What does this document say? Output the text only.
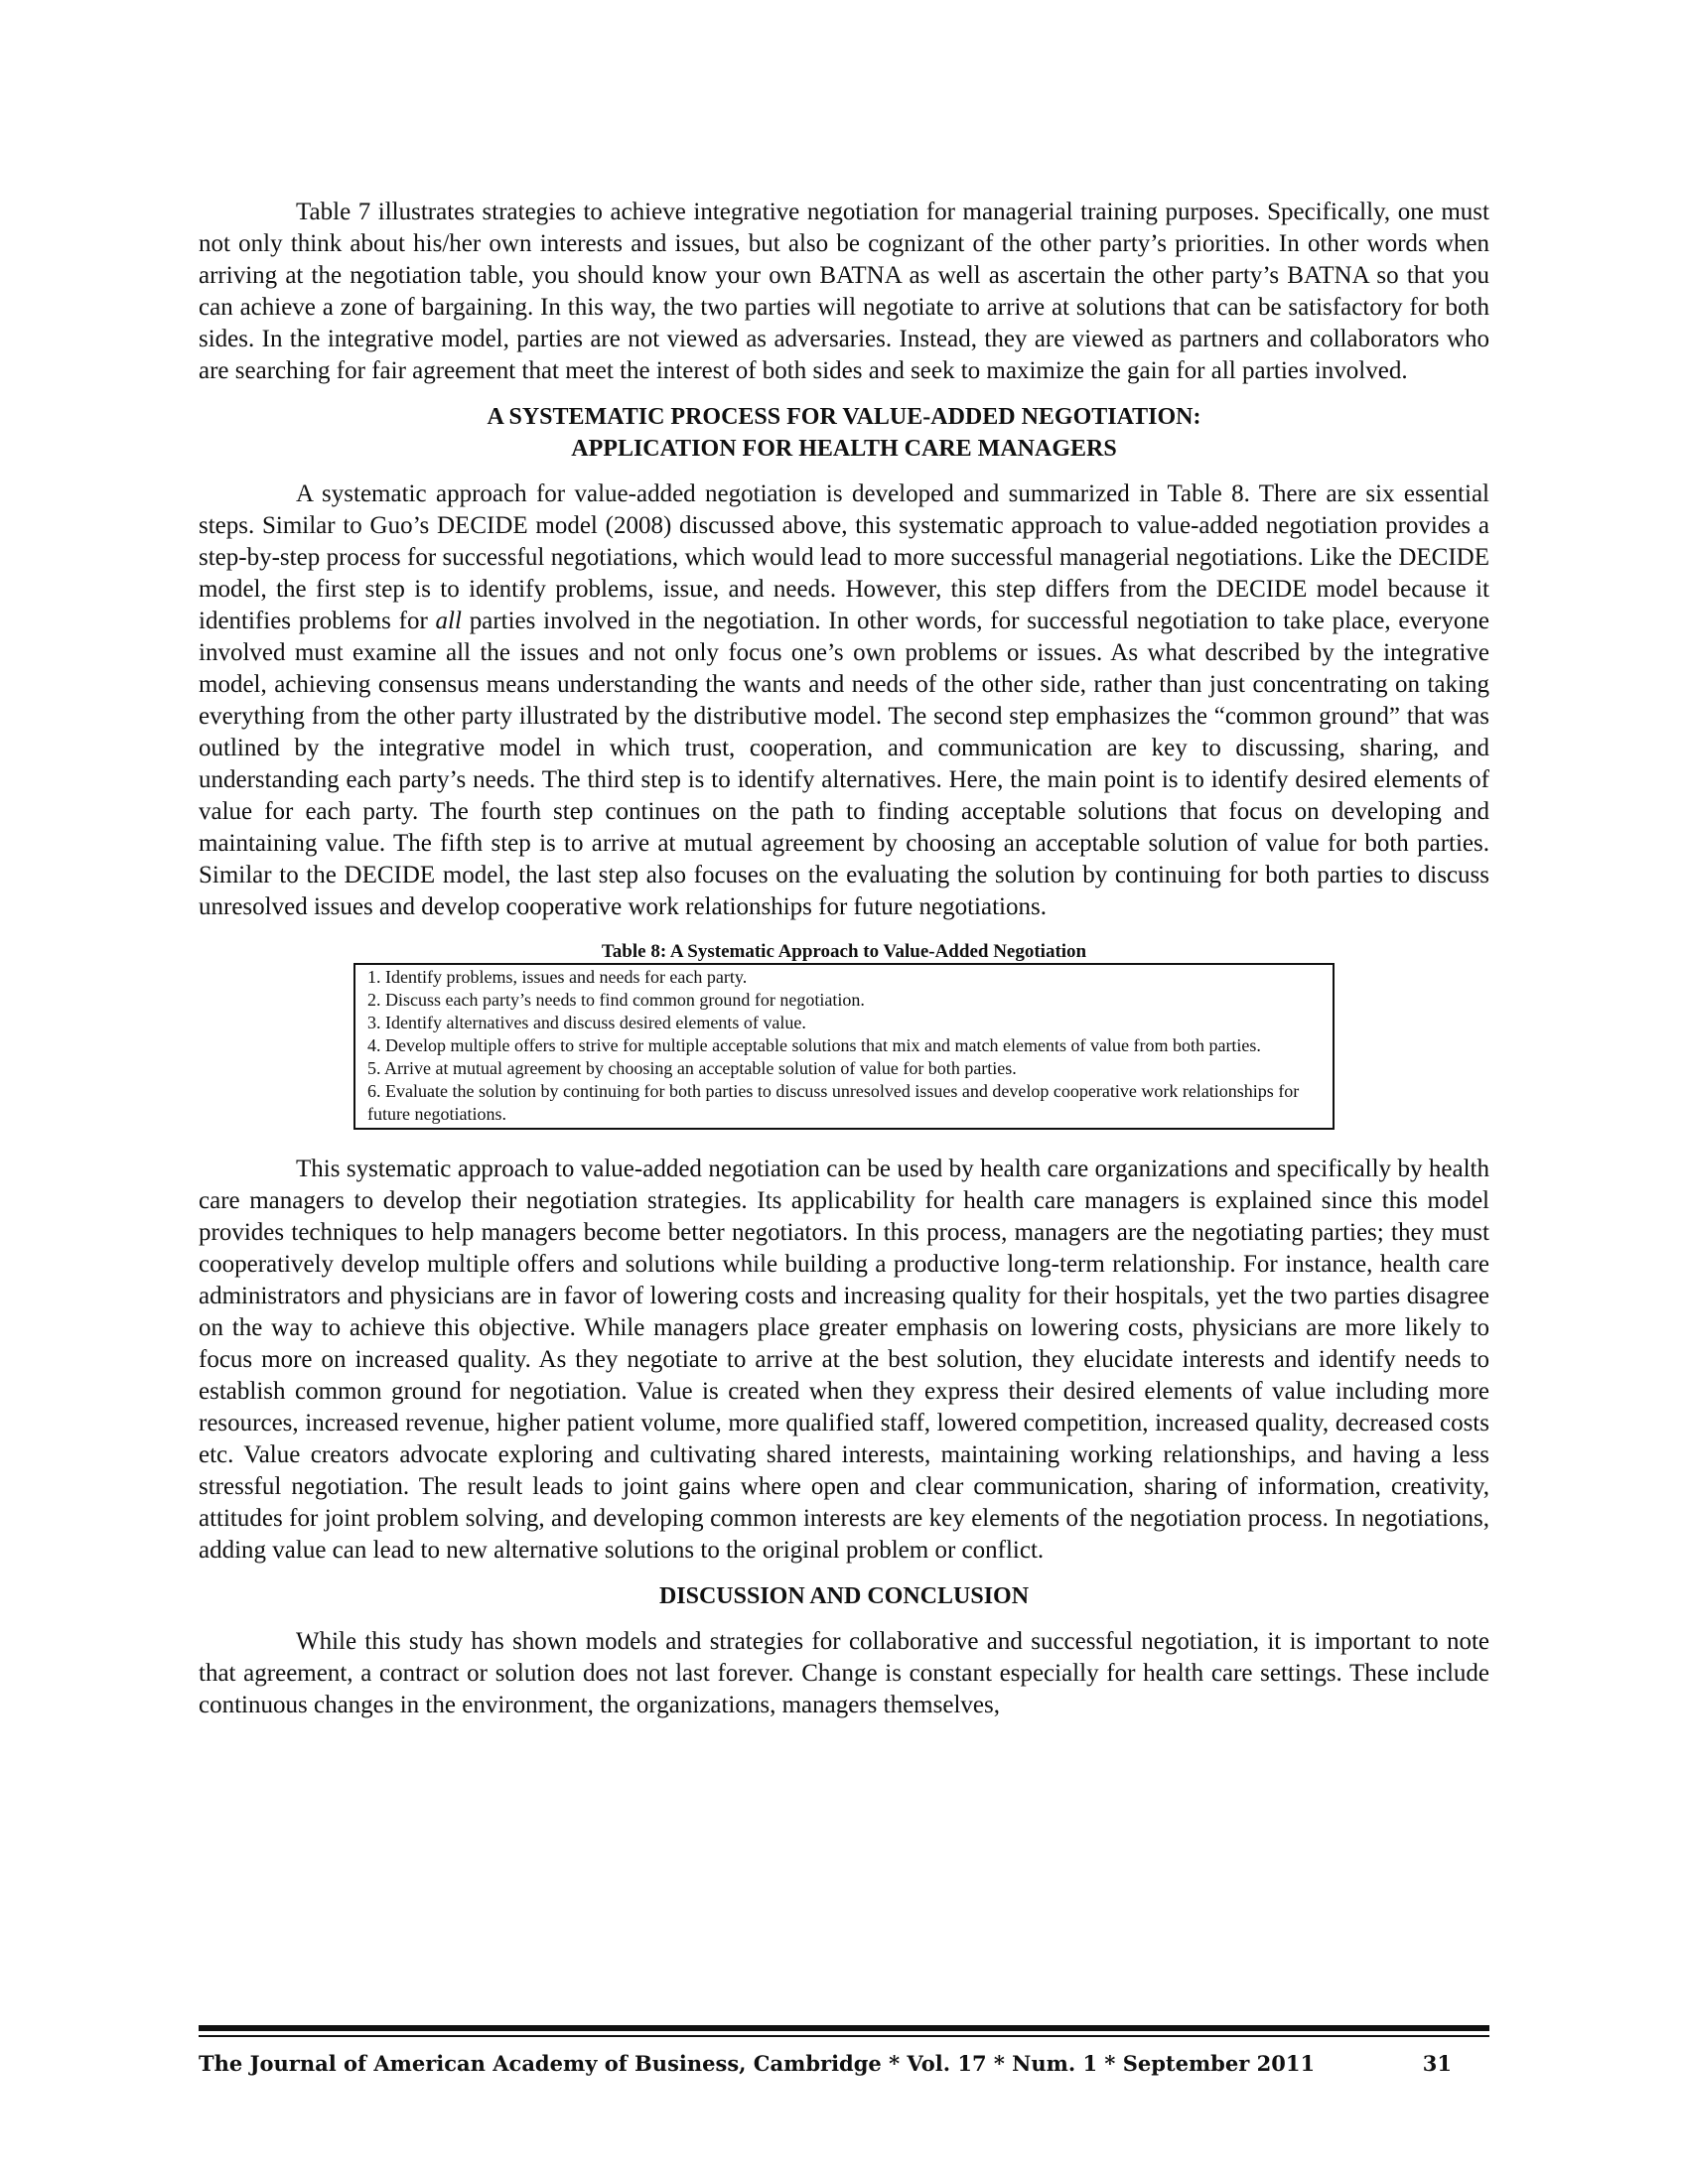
Table 7 illustrates strategies to achieve integrative negotiation for managerial training purposes. Specifically, one must not only think about his/her own interests and issues, but also be cognizant of the other party’s priorities. In other words when arriving at the negotiation table, you should know your own BATNA as well as ascertain the other party’s BATNA so that you can achieve a zone of bargaining. In this way, the two parties will negotiate to arrive at solutions that can be satisfactory for both sides. In the integrative model, parties are not viewed as adversaries. Instead, they are viewed as partners and collaborators who are searching for fair agreement that meet the interest of both sides and seek to maximize the gain for all parties involved.

A SYSTEMATIC PROCESS FOR VALUE-ADDED NEGOTIATION:
APPLICATION FOR HEALTH CARE MANAGERS

A systematic approach for value-added negotiation is developed and summarized in Table 8. There are six essential steps. Similar to Guo’s DECIDE model (2008) discussed above, this systematic approach to value-added negotiation provides a step-by-step process for successful negotiations, which would lead to more successful managerial negotiations. Like the DECIDE model, the first step is to identify problems, issue, and needs. However, this step differs from the DECIDE model because it identifies problems for all parties involved in the negotiation. In other words, for successful negotiation to take place, everyone involved must examine all the issues and not only focus one’s own problems or issues. As what described by the integrative model, achieving consensus means understanding the wants and needs of the other side, rather than just concentrating on taking everything from the other party illustrated by the distributive model. The second step emphasizes the “common ground” that was outlined by the integrative model in which trust, cooperation, and communication are key to discussing, sharing, and understanding each party’s needs. The third step is to identify alternatives. Here, the main point is to identify desired elements of value for each party. The fourth step continues on the path to finding acceptable solutions that focus on developing and maintaining value. The fifth step is to arrive at mutual agreement by choosing an acceptable solution of value for both parties. Similar to the DECIDE model, the last step also focuses on the evaluating the solution by continuing for both parties to discuss unresolved issues and develop cooperative work relationships for future negotiations.

Table 8: A Systematic Approach to Value-Added Negotiation

1. Identify problems, issues and needs for each party.

2. Discuss each party’s needs to find common ground for negotiation.

3. Identify alternatives and discuss desired elements of value.

4. Develop multiple offers to strive for multiple acceptable solutions that mix and match elements of value from both parties.

5. Arrive at mutual agreement by choosing an acceptable solution of value for both parties.

6. Evaluate the solution by continuing for both parties to discuss unresolved issues and develop cooperative work relationships for future negotiations.

This systematic approach to value-added negotiation can be used by health care organizations and specifically by health care managers to develop their negotiation strategies. Its applicability for health care managers is explained since this model provides techniques to help managers become better negotiators. In this process, managers are the negotiating parties; they must cooperatively develop multiple offers and solutions while building a productive long-term relationship. For instance, health care administrators and physicians are in favor of lowering costs and increasing quality for their hospitals, yet the two parties disagree on the way to achieve this objective. While managers place greater emphasis on lowering costs, physicians are more likely to focus more on increased quality. As they negotiate to arrive at the best solution, they elucidate interests and identify needs to establish common ground for negotiation. Value is created when they express their desired elements of value including more resources, increased revenue, higher patient volume, more qualified staff, lowered competition, increased quality, decreased costs etc. Value creators advocate exploring and cultivating shared interests, maintaining working relationships, and having a less stressful negotiation. The result leads to joint gains where open and clear communication, sharing of information, creativity, attitudes for joint problem solving, and developing common interests are key elements of the negotiation process. In negotiations, adding value can lead to new alternative solutions to the original problem or conflict.

DISCUSSION AND CONCLUSION

While this study has shown models and strategies for collaborative and successful negotiation, it is important to note that agreement, a contract or solution does not last forever. Change is constant especially for health care settings. These include continuous changes in the environment, the organizations, managers themselves,

The Journal of American Academy of Business, Cambridge * Vol. 17 * Num. 1 * September 2011	31
